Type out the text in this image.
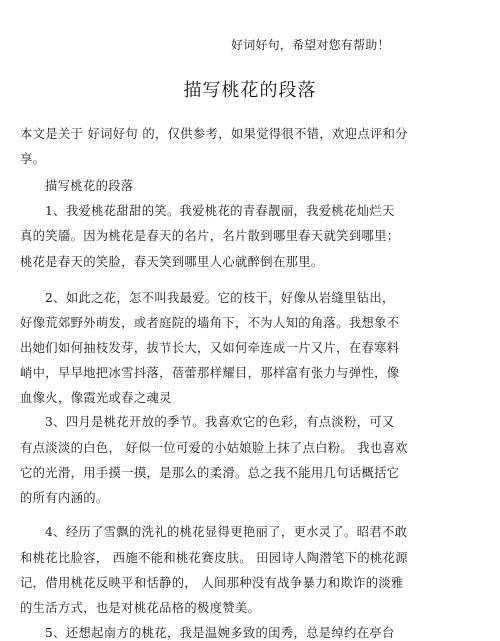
好词好句，希望对您有帮助！
描写桃花的段落
本文是关于 好词好句 的，仅供参考，如果觉得很不错，欢迎点评和分
享。
描写桃花的段落
1、我爱桃花甜甜的笑。我爱桃花的青春靓丽，我爱桃花灿烂天
真的笑靥。因为桃花是春天的名片，名片散到哪里春天就笑到哪里；
桃花是春天的笑脸，春天笑到哪里人心就醉倒在那里。
2、如此之花，怎不叫我最爱。它的枝干，好像从岩缝里钻出，
好像荒郊野外萌发，或者庭院的墙角下，不为人知的角落。我想象不
出她们如何抽枝发芽，拔节长大，又如何牵连成一片又片，在春寒料
峭中，早早地把冰雪抖落，蓓蕾那样耀目，那样富有张力与弹性，像
血像火，像霞光或春之魂灵
3、四月是桃花开放的季节。我喜欢它的色彩，有点淡粉，可又
有点淡淡的白色， 好似一位可爱的小姑娘脸上抹了点白粉。 我也喜欢
它的光滑，用手摸一摸，是那么的柔滑。总之我不能用几句话概括它
的所有内涵的。
4、经历了雪飘的洗礼的桃花显得更艳丽了，更水灵了。昭君不敢
和桃花比脸容， 西施不能和桃花赛皮肤。 田园诗人陶潜笔下的桃花源
记，借用桃花反映平和恬静的， 人间那种没有战争暴力和欺诈的淡雅
的生活方式，也是对桃花品格的极度赞美。
5、还想起南方的桃花，我是温婉多致的闺秀，总是绰约在亭台
